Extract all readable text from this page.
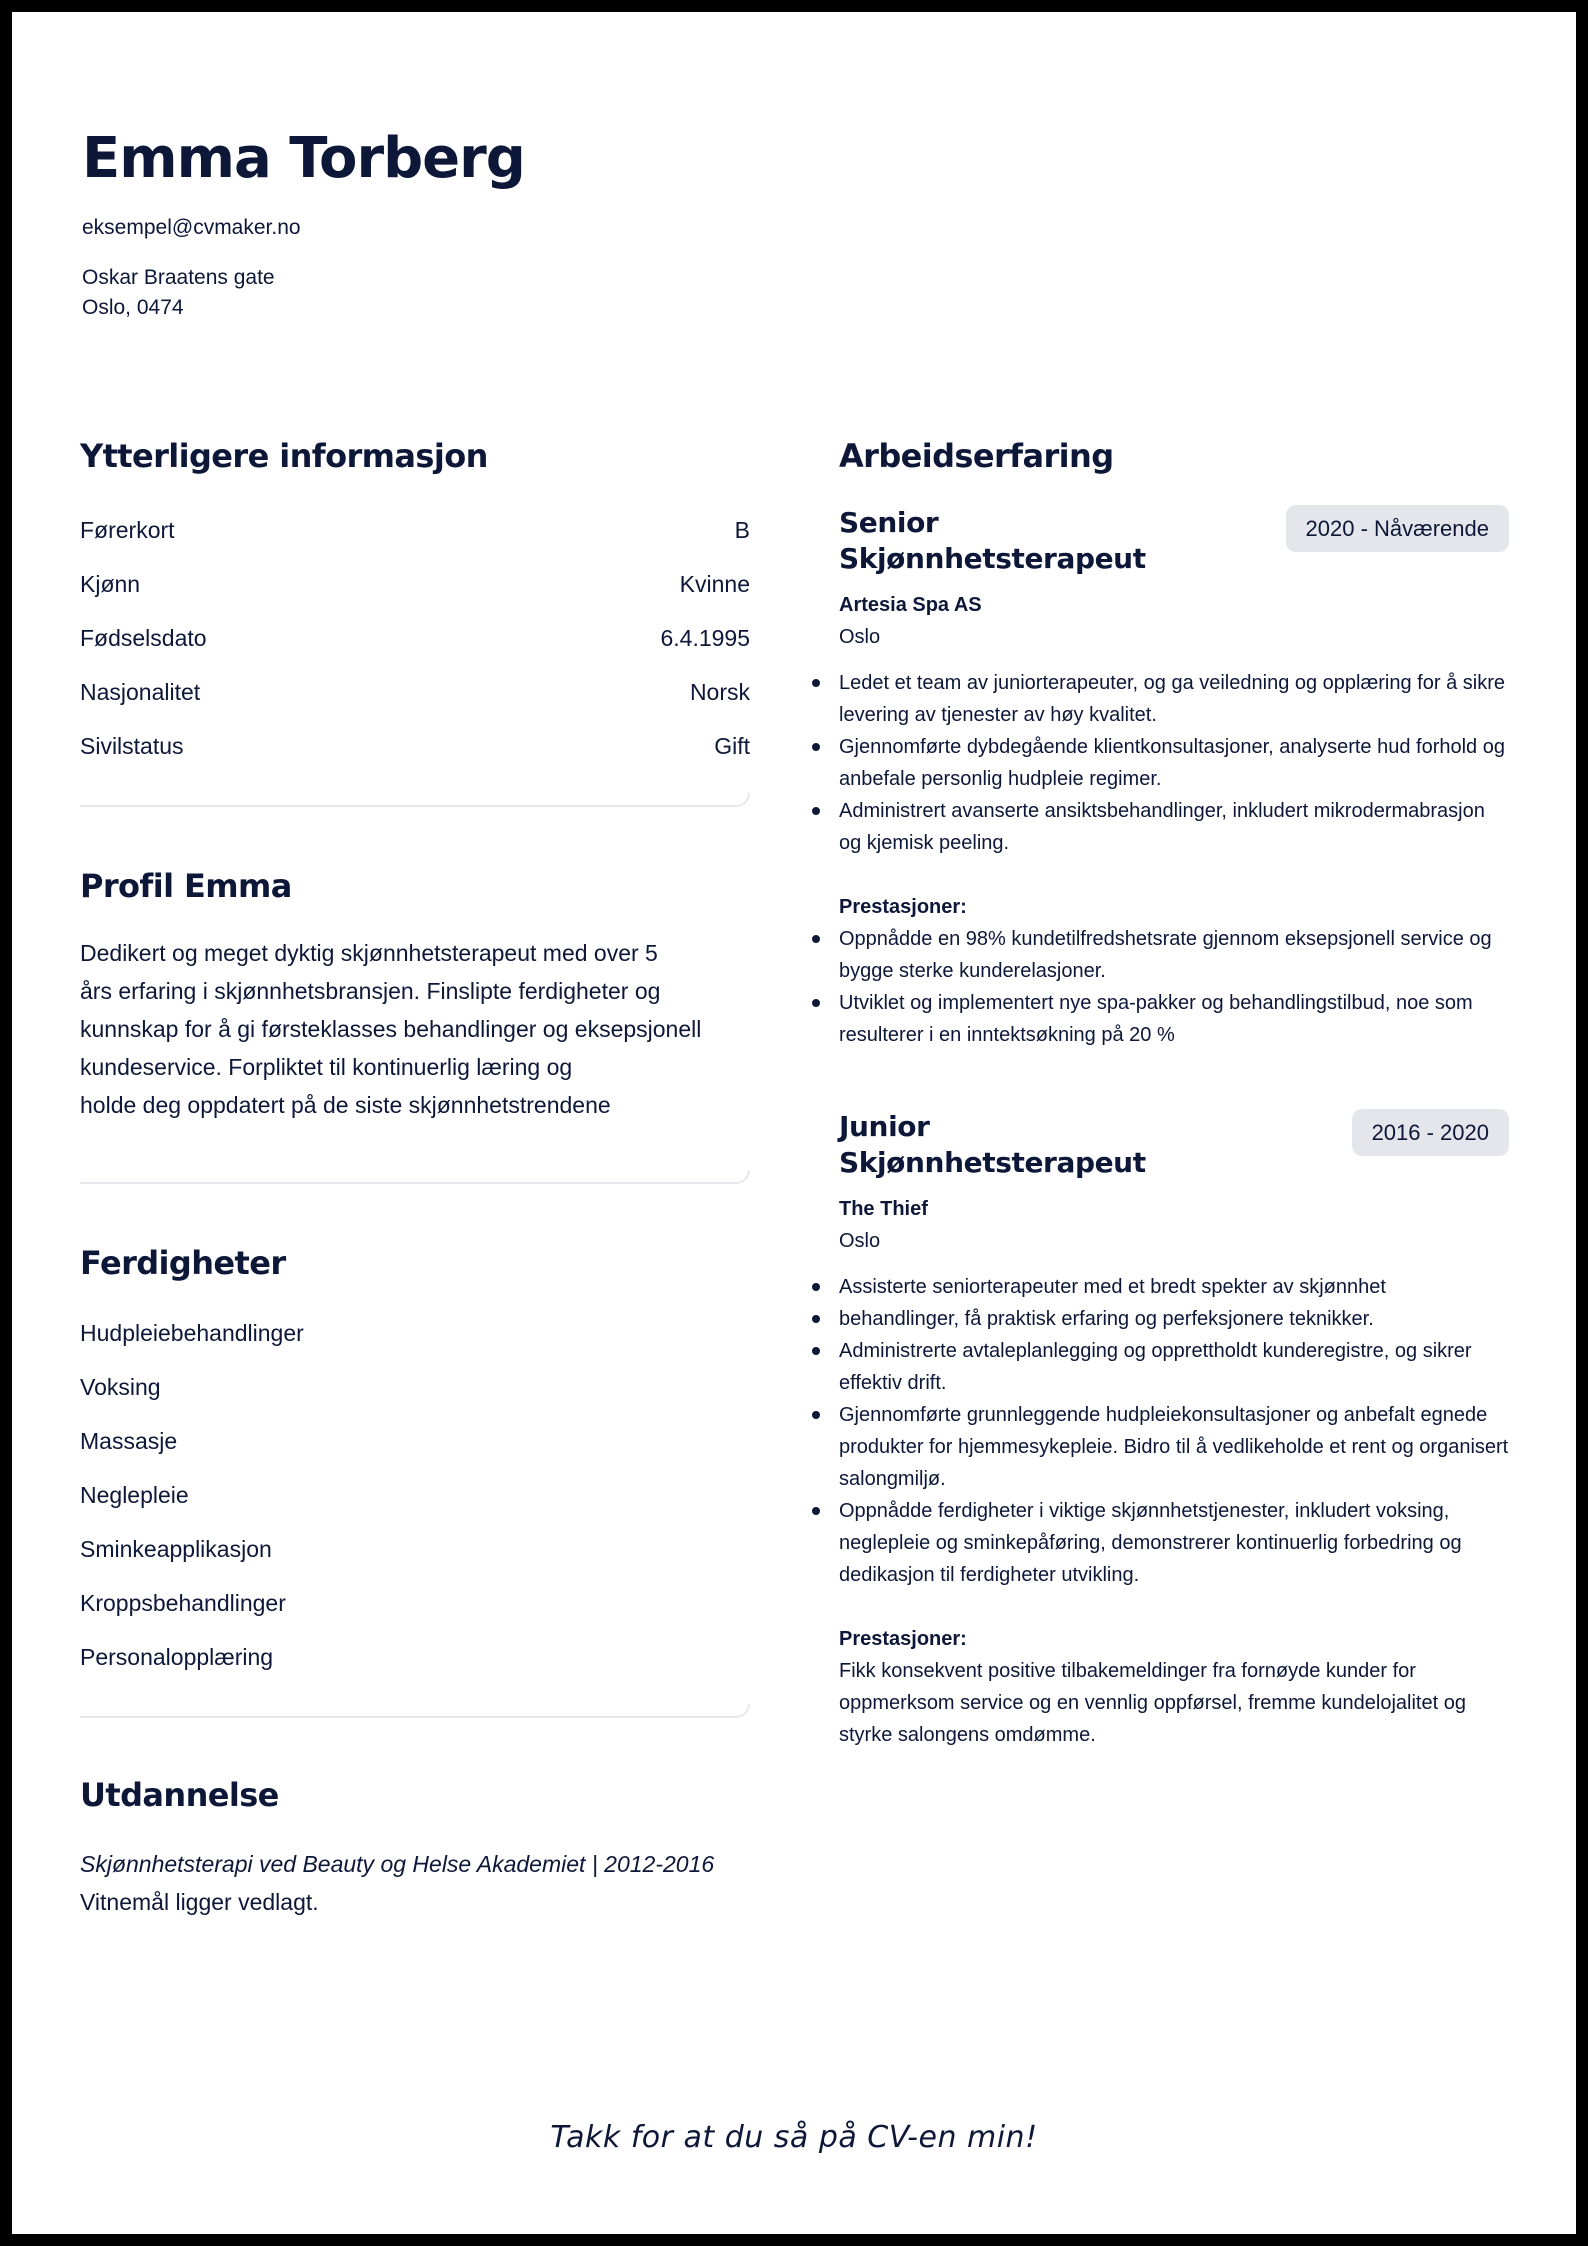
Emma Torberg
eksempel@cvmaker.no
Oskar Braatens gate
Oslo, 0474
Ytterligere informasjon
Førerkort	B
Kjønn	Kvinne
Fødselsdato	6.4.1995
Nasjonalitet	Norsk
Sivilstatus	Gift
Profil Emma
Dedikert og meget dyktig skjønnhetsterapeut med over 5
års erfaring i skjønnhetsbransjen. Finslipte ferdigheter og
kunnskap for å gi førsteklasses behandlinger og eksepsjonell
kundeservice. Forpliktet til kontinuerlig læring og
holde deg oppdatert på de siste skjønnhetstrendene
Ferdigheter
Hudpleiebehandlinger
Voksing
Massasje
Neglepleie
Sminkeapplikasjon
Kroppsbehandlinger
Personalopplæring
Utdannelse
Skjønnhetsterapi ved Beauty og Helse Akademiet | 2012-2016
Vitnemål ligger vedlagt.
Arbeidserfaring
Senior
Skjønnhetsterapeut
2020 - Nåværende
Artesia Spa AS
Oslo
Ledet et team av juniorterapeuter, og ga veiledning og opplæring for å sikre levering av tjenester av høy kvalitet.
Gjennomførte dybdegående klientkonsultasjoner, analyserte hud forhold og anbefale personlig hudpleie regimer.
Administrert avanserte ansiktsbehandlinger, inkludert mikrodermabrasjon og kjemisk peeling.
Prestasjoner:
Oppnådde en 98% kundetilfredshetsrate gjennom eksepsjonell service og bygge sterke kunderelasjoner.
Utviklet og implementert nye spa-pakker og behandlingstilbud, noe som resulterer i en inntektsøkning på 20 %
Junior
Skjønnhetsterapeut
2016 - 2020
The Thief
Oslo
Assisterte seniorterapeuter med et bredt spekter av skjønnhet
behandlinger, få praktisk erfaring og perfeksjonere teknikker.
Administrerte avtaleplanlegging og opprettholdt kunderegistre, og sikrer effektiv drift.
Gjennomførte grunnleggende hudpleiekonsultasjoner og anbefalt egnede produkter for hjemmesykepleie. Bidro til å vedlikeholde et rent og organisert salongmiljø.
Oppnådde ferdigheter i viktige skjønnhetstjenester, inkludert voksing, neglepleie og sminkepåføring, demonstrerer kontinuerlig forbedring og dedikasjon til ferdigheter utvikling.
Prestasjoner:
Fikk konsekvent positive tilbakemeldinger fra fornøyde kunder for oppmerksom service og en vennlig oppførsel, fremme kundelojalitet og styrke salongens omdømme.
Takk for at du så på CV-en min!
